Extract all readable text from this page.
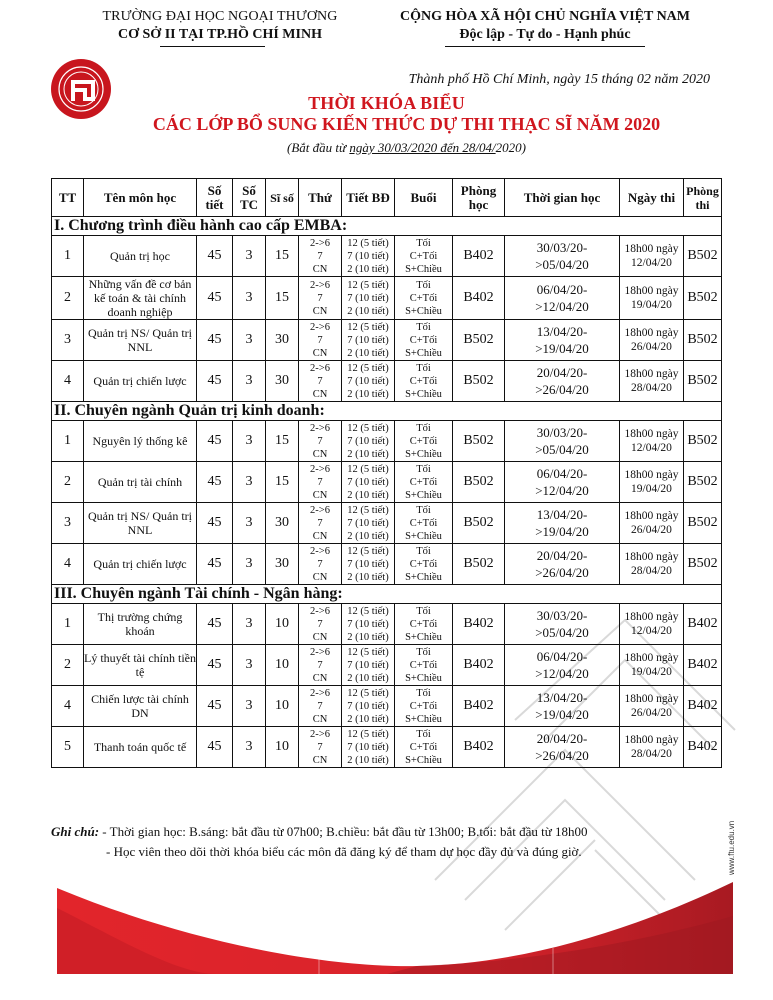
TRƯỜNG ĐẠI HỌC NGOẠI THƯƠNG
CƠ SỞ II TẠI TP.HỒ CHÍ MINH
CỘNG HÒA XÃ HỘI CHỦ NGHĨA VIỆT NAM
Độc lập - Tự do - Hạnh phúc
Thành phố Hồ Chí Minh, ngày 15 tháng 02 năm 2020
THỜI KHÓA BIỂU
CÁC LỚP BỔ SUNG KIẾN THỨC DỰ THI THẠC SĨ NĂM 2020
(Bắt đầu từ ngày 30/03/2020 đến 28/04/2020)
TT	Tên môn học	Số
tiết	Số
TC	Sĩ số	Thứ	Tiết BĐ	Buổi	Phòng
học	Thời gian học	Ngày thi	Phòng
thi
I. Chương trình điều hành cao cấp EMBA:											
1	Quản trị học	45	3	15	2->6
7
CN	12 (5 tiết)
7 (10 tiết)
2 (10 tiết)	Tối
C+Tối
S+Chiều	B402	30/03/20-
>05/04/20	18h00 ngày
12/04/20	B502
2	Những vấn đề cơ bản kế toán & tài chính doanh nghiệp	45	3	15	2->6
7
CN	12 (5 tiết)
7 (10 tiết)
2 (10 tiết)	Tối
C+Tối
S+Chiều	B402	06/04/20-
>12/04/20	18h00 ngày
19/04/20	B502
3	Quản trị NS/ Quản trị NNL	45	3	30	2->6
7
CN	12 (5 tiết)
7 (10 tiết)
2 (10 tiết)	Tối
C+Tối
S+Chiều	B502	13/04/20-
>19/04/20	18h00 ngày
26/04/20	B502
4	Quản trị chiến lược	45	3	30	2->6
7
CN	12 (5 tiết)
7 (10 tiết)
2 (10 tiết)	Tối
C+Tối
S+Chiều	B502	20/04/20-
>26/04/20	18h00 ngày
28/04/20	B502
II. Chuyên ngành Quản trị kinh doanh:											
1	Nguyên lý thống kê	45	3	15	2->6
7
CN	12 (5 tiết)
7 (10 tiết)
2 (10 tiết)	Tối
C+Tối
S+Chiều	B502	30/03/20-
>05/04/20	18h00 ngày
12/04/20	B502
2	Quản trị tài chính	45	3	15	2->6
7
CN	12 (5 tiết)
7 (10 tiết)
2 (10 tiết)	Tối
C+Tối
S+Chiều	B502	06/04/20-
>12/04/20	18h00 ngày
19/04/20	B502
3	Quản trị NS/ Quản trị NNL	45	3	30	2->6
7
CN	12 (5 tiết)
7 (10 tiết)
2 (10 tiết)	Tối
C+Tối
S+Chiều	B502	13/04/20-
>19/04/20	18h00 ngày
26/04/20	B502
4	Quản trị chiến lược	45	3	30	2->6
7
CN	12 (5 tiết)
7 (10 tiết)
2 (10 tiết)	Tối
C+Tối
S+Chiều	B502	20/04/20-
>26/04/20	18h00 ngày
28/04/20	B502
III. Chuyên ngành Tài chính - Ngân hàng:											
1	Thị trường chứng khoán	45	3	10	2->6
7
CN	12 (5 tiết)
7 (10 tiết)
2 (10 tiết)	Tối
C+Tối
S+Chiều	B402	30/03/20-
>05/04/20	18h00 ngày
12/04/20	B402
2	Lý thuyết tài chính tiền tệ	45	3	10	2->6
7
CN	12 (5 tiết)
7 (10 tiết)
2 (10 tiết)	Tối
C+Tối
S+Chiều	B402	06/04/20-
>12/04/20	18h00 ngày
19/04/20	B402
4	Chiến lược tài chính DN	45	3	10	2->6
7
CN	12 (5 tiết)
7 (10 tiết)
2 (10 tiết)	Tối
C+Tối
S+Chiều	B402	13/04/20-
>19/04/20	18h00 ngày
26/04/20	B402
5	Thanh toán quốc tế	45	3	10	2->6
7
CN	12 (5 tiết)
7 (10 tiết)
2 (10 tiết)	Tối
C+Tối
S+Chiều	B402	20/04/20-
>26/04/20	18h00 ngày
28/04/20	B402
Ghi chú: - Thời gian học: B.sáng: bắt đầu từ 07h00; B.chiều: bắt đầu từ 13h00; B.tối: bắt đầu từ 18h00
- Học viên theo dõi thời khóa biểu các môn đã đăng ký để tham dự học đầy đủ và đúng giờ.	www.ftu.edu.vn
